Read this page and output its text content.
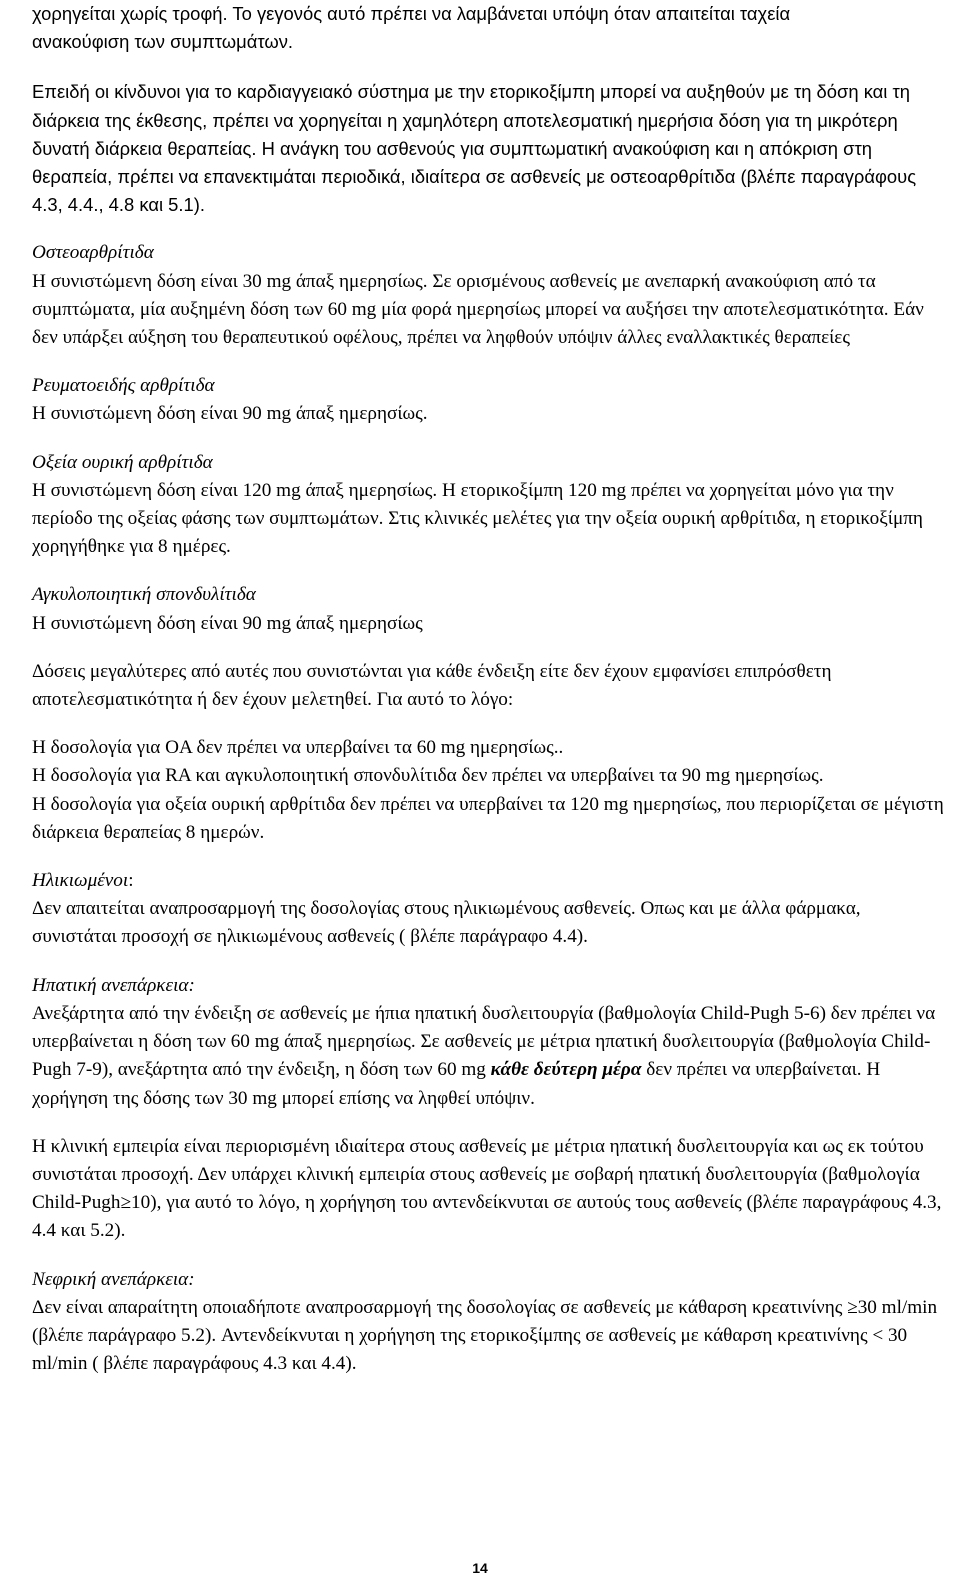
χορηγείται χωρίς τροφή. Το γεγονός αυτό πρέπει να λαμβάνεται υπόψη όταν απαιτείται ταχεία
ανακούφιση των συμπτωμάτων.

Επειδή οι κίνδυνοι για το καρδιαγγειακό σύστημα με την ετορικοξίμπη μπορεί να αυξηθούν με τη δόση και τη διάρκεια της έκθεσης, πρέπει να χορηγείται η χαμηλότερη αποτελεσματική ημερήσια δόση για τη μικρότερη δυνατή διάρκεια θεραπείας. Η ανάγκη του ασθενούς για συμπτωματική ανακούφιση και η απόκριση στη θεραπεία, πρέπει να επανεκτιμάται περιοδικά, ιδιαίτερα σε ασθενείς με οστεοαρθρίτιδα (βλέπε παραγράφους 4.3, 4.4., 4.8 και 5.1).

Οστεοαρθρίτιδα
Η συνιστώμενη δόση είναι 30 mg άπαξ ημερησίως. Σε ορισμένους ασθενείς με ανεπαρκή ανακούφιση από τα συμπτώματα, μία αυξημένη δόση των 60 mg μία φορά ημερησίως μπορεί να αυξήσει την αποτελεσματικότητα. Εάν δεν υπάρξει αύξηση του θεραπευτικού οφέλους, πρέπει να ληφθούν υπόψιν άλλες εναλλακτικές θεραπείες
Ρευματοειδής αρθρίτιδα
Η συνιστώμενη δόση είναι 90 mg άπαξ ημερησίως.
Οξεία ουρική αρθρίτιδα
Η συνιστώμενη δόση είναι 120 mg άπαξ ημερησίως. Η ετορικοξίμπη 120 mg πρέπει να χορηγείται μόνο για την περίοδο της οξείας φάσης των συμπτωμάτων. Στις κλινικές μελέτες για την οξεία ουρική αρθρίτιδα, η ετορικοξίμπη χορηγήθηκε για 8 ημέρες.
Αγκυλοποιητική σπονδυλίτιδα
Η συνιστώμενη δόση είναι 90 mg άπαξ ημερησίως
Δόσεις μεγαλύτερες από αυτές που συνιστώνται για κάθε ένδειξη είτε δεν έχουν εμφανίσει επιπρόσθετη αποτελεσματικότητα ή δεν έχουν μελετηθεί. Για αυτό το λόγο:
Η δοσολογία για OA δεν πρέπει να υπερβαίνει τα 60 mg ημερησίως..
Η δοσολογία για RA και αγκυλοποιητική σπονδυλίτιδα δεν πρέπει να υπερβαίνει τα 90 mg ημερησίως.
Η δοσολογία για οξεία ουρική αρθρίτιδα δεν πρέπει να υπερβαίνει τα 120 mg ημερησίως, που περιορίζεται σε μέγιστη διάρκεια θεραπείας 8 ημερών.
Ηλικιωμένοι:
Δεν απαιτείται αναπροσαρμογή της δοσολογίας στους ηλικιωμένους ασθενείς. Οπως και με άλλα φάρμακα, συνιστάται προσοχή σε ηλικιωμένους ασθενείς ( βλέπε παράγραφο 4.4).
Ηπατική ανεπάρκεια:
Ανεξάρτητα από την ένδειξη σε ασθενείς με ήπια ηπατική δυσλειτουργία (βαθμολογία Child-Pugh 5-6) δεν πρέπει να υπερβαίνεται η δόση των 60 mg άπαξ ημερησίως. Σε ασθενείς με μέτρια ηπατική δυσλειτουργία (βαθμολογία Child-Pugh 7-9), ανεξάρτητα από την ένδειξη, η δόση των 60 mg κάθε δεύτερη μέρα δεν πρέπει να υπερβαίνεται. Η χορήγηση της δόσης των 30 mg μπορεί επίσης να ληφθεί υπόψιν.
Η κλινική εμπειρία είναι περιορισμένη ιδιαίτερα στους ασθενείς με μέτρια ηπατική δυσλειτουργία και ως εκ τούτου συνιστάται προσοχή. Δεν υπάρχει κλινική εμπειρία στους ασθενείς με σοβαρή ηπατική δυσλειτουργία (βαθμολογία Child-Pugh≥10), για αυτό το λόγο, η χορήγηση του αντενδείκνυται σε αυτούς τους ασθενείς (βλέπε παραγράφους 4.3, 4.4 και 5.2).
Νεφρική ανεπάρκεια:
Δεν είναι απαραίτητη οποιαδήποτε αναπροσαρμογή της δοσολογίας σε ασθενείς με κάθαρση κρεατινίνης ≥30 ml/min (βλέπε παράγραφο 5.2). Αντενδείκνυται η χορήγηση της ετορικοξίμπης σε ασθενείς με κάθαρση κρεατινίνης < 30 ml/min ( βλέπε παραγράφους 4.3 και 4.4).
14
